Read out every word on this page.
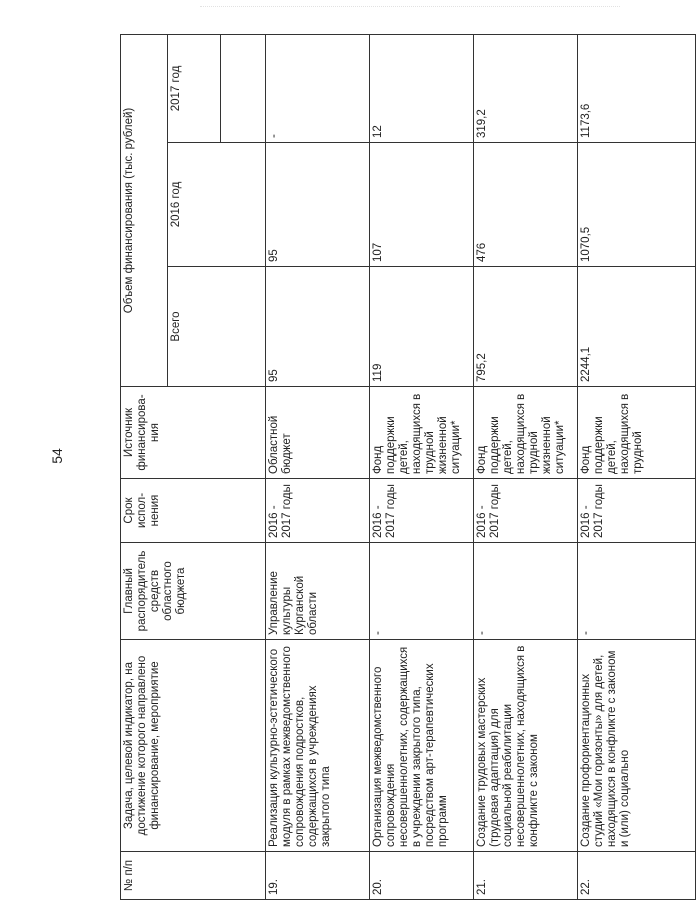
54
№ п/п	Задача, целевой индикатор, на достижение которого направлено финансирование, мероприятие	Главный распорядитель средств областного бюджета	Срок испол-нения	Источник финансирова-ния	Объем финансирования (тыс. рублей)		
					Всего	2016 год	2017 год

19.	Реализация культурно-эстетического модуля в рамках межведомственного сопровождения подростков, содержащихся в учреждениях закрытого типа	Управление культуры Курганской области	2016 - 2017 годы	Областной бюджет	95	95	-
20.	Организация межведомственного сопровождения несовершеннолетних, содержащихся в учреждении закрытого типа, посредством арт-терапевтических программ	-	2016 - 2017 годы	Фонд поддержки детей, находящихся в трудной жизненной ситуации*	119	107	12
21.	Создание трудовых мастерских (трудовая адаптация) для социальной реабилитации несовершеннолетних, находящихся в конфликте с законом	-	2016 - 2017 годы	Фонд поддержки детей, находящихся в трудной жизненной ситуации*	795,2	476	319,2
22.	Создание профориентационных студий «Мои горизонты» для детей, находящихся в конфликте с законом и (или) социально	-	2016 - 2017 годы	Фонд поддержки детей, находящихся в трудной	2244,1	1070,5	1173,6
